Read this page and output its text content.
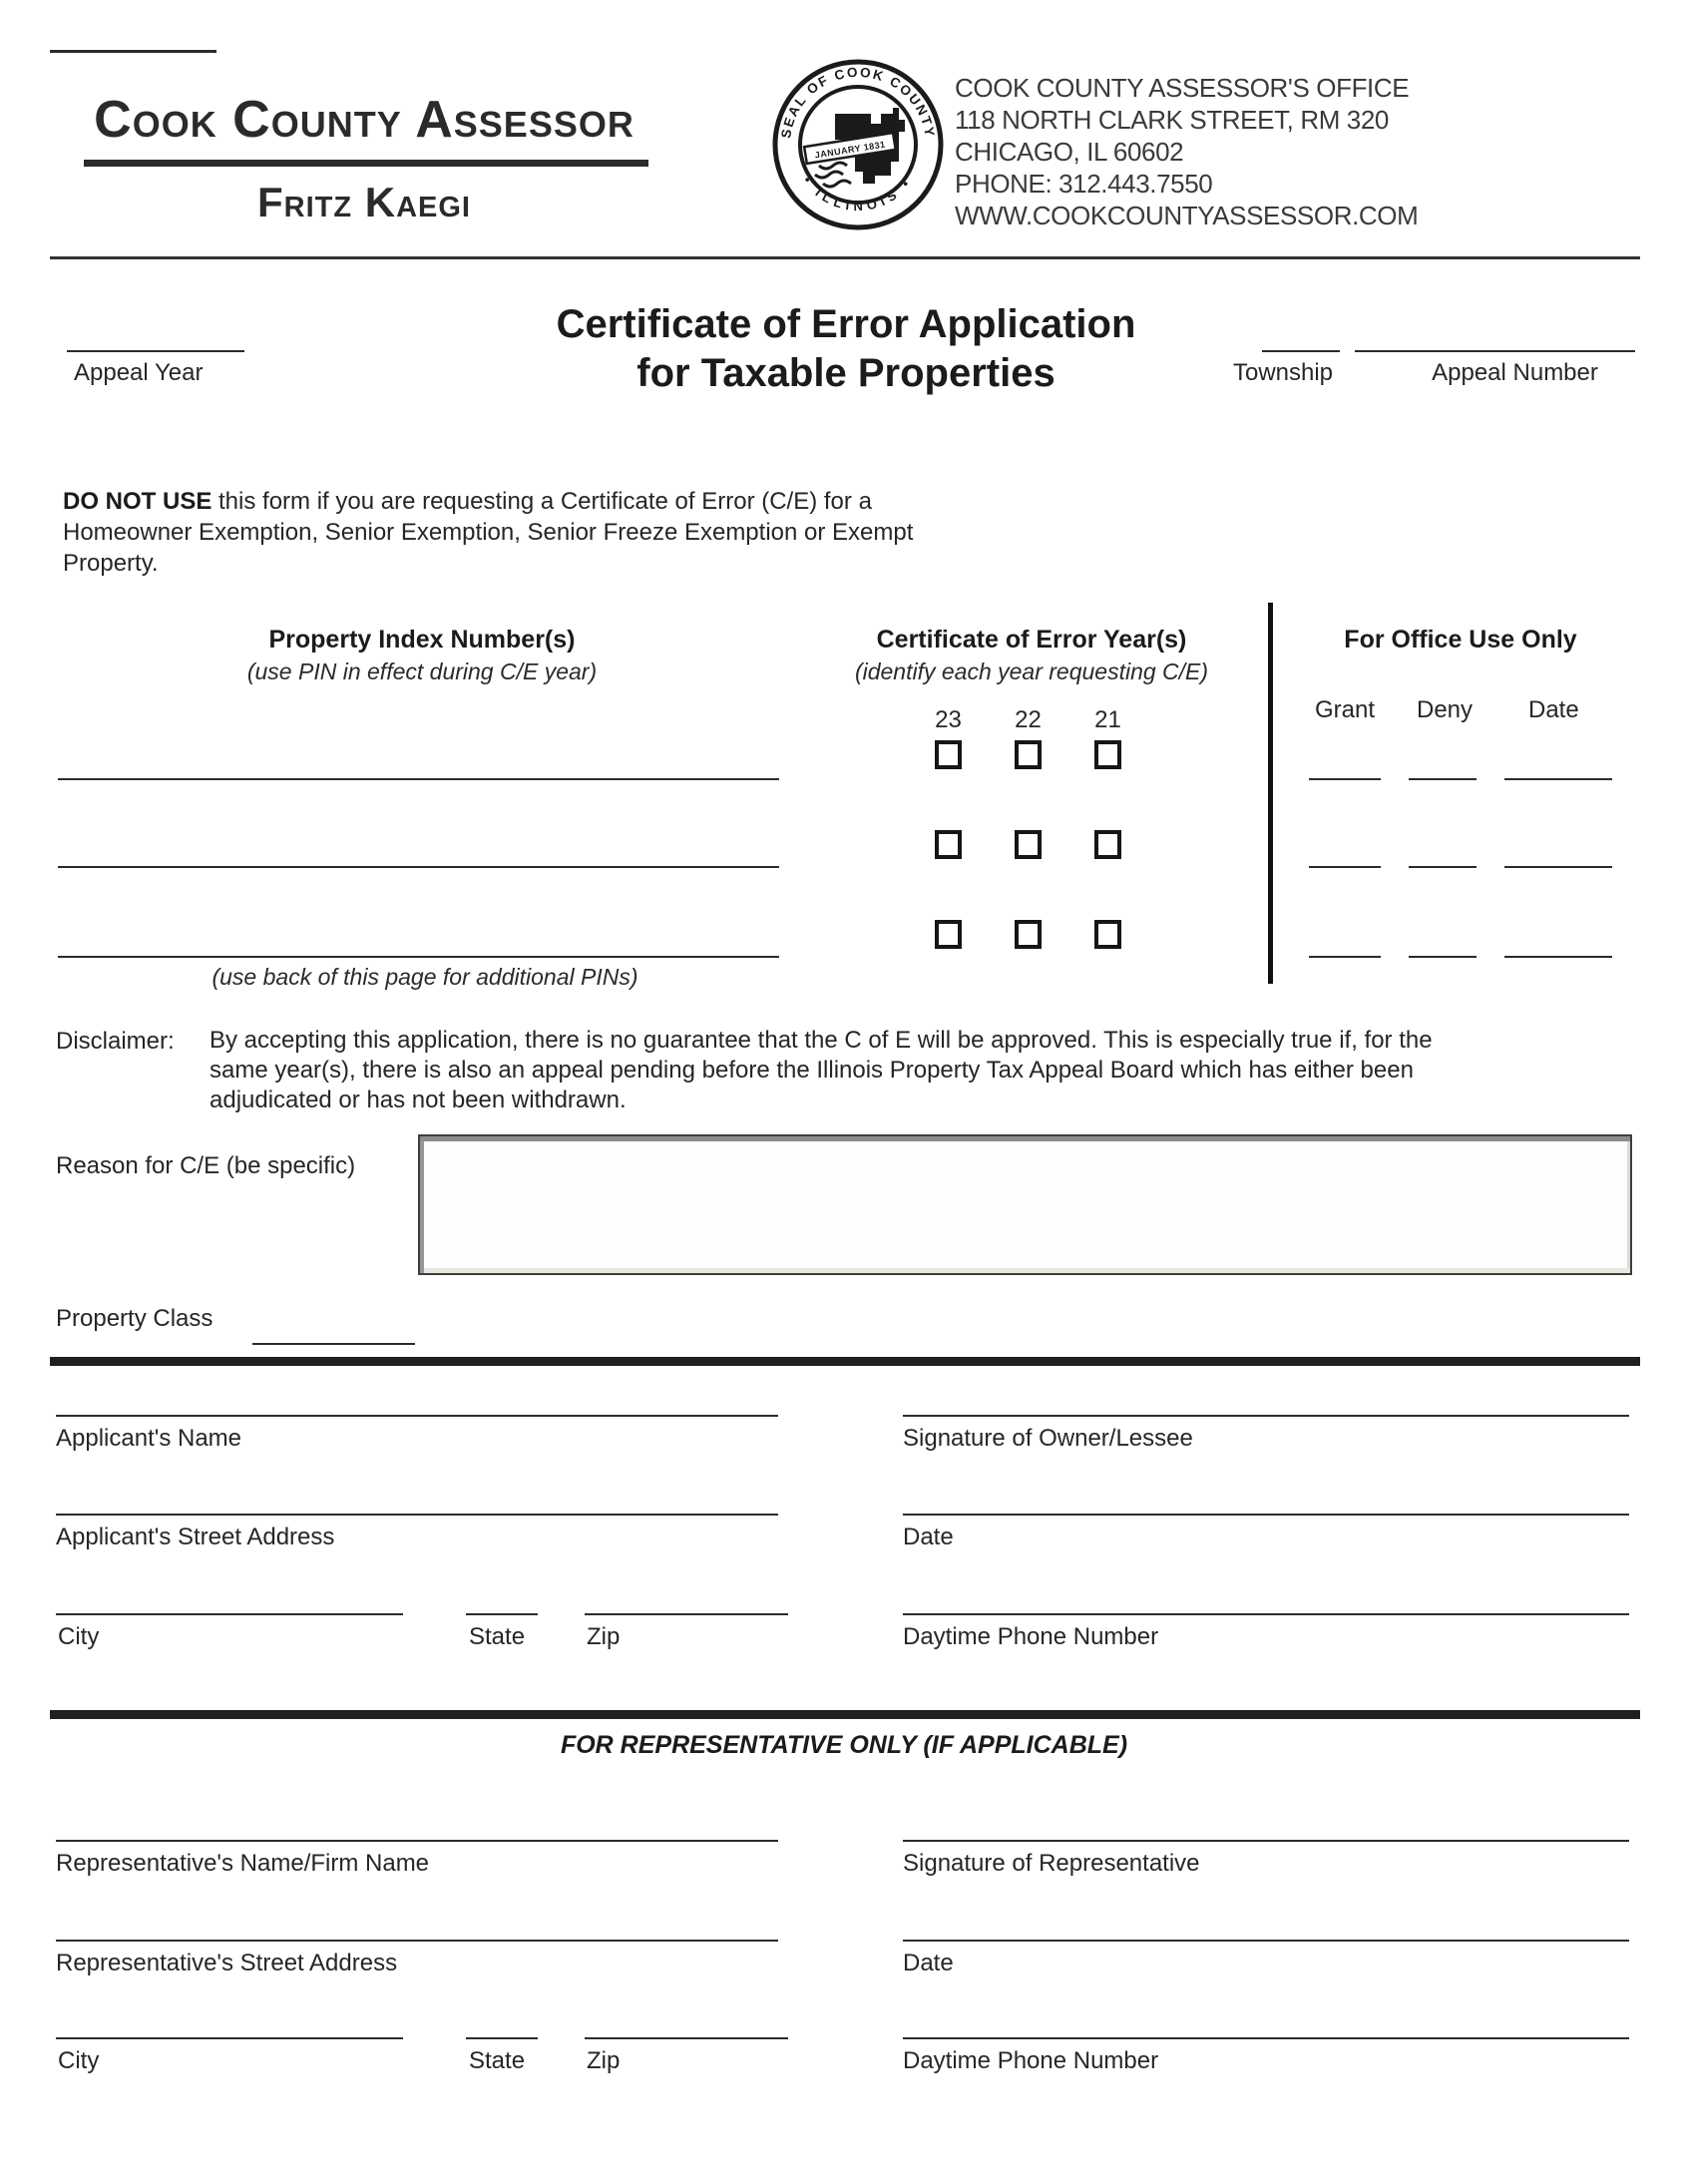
Cook County Assessor
Fritz Kaegi
SEAL OF COOK COUNTY
• ILLINOIS •
JANUARY 1831
COOK COUNTY ASSESSOR'S OFFICE
118 NORTH CLARK STREET, RM 320
CHICAGO, IL 60602
PHONE: 312.443.7550
WWW.COOKCOUNTYASSESSOR.COM
Certificate of Error Application
for Taxable Properties
Appeal Year	Township	Appeal Number
DO NOT USE this form if you are requesting a Certificate of Error (C/E) for a
Homeowner Exemption, Senior Exemption, Senior Freeze Exemption or Exempt
Property.
Property Index Number(s)
(use PIN in effect during C/E year)
Certificate of Error Year(s)
(identify each year requesting C/E)
For Office Use Only
Grant Deny Date
23 22 21
(use back of this page for additional PINs)
Disclaimer: By accepting this application, there is no guarantee that the C of E will be approved. This is especially true if, for the
same year(s), there is also an appeal pending before the Illinois Property Tax Appeal Board which has either been
adjudicated or has not been withdrawn.
Reason for C/E (be specific)
Property Class
Applicant's Name	Signature of Owner/Lessee
Applicant's Street Address	Date
City	State	Zip	Daytime Phone Number
FOR REPRESENTATIVE ONLY (IF APPLICABLE)
Representative's Name/Firm Name	Signature of Representative
Representative's Street Address	Date
City	State	Zip	Daytime Phone Number
